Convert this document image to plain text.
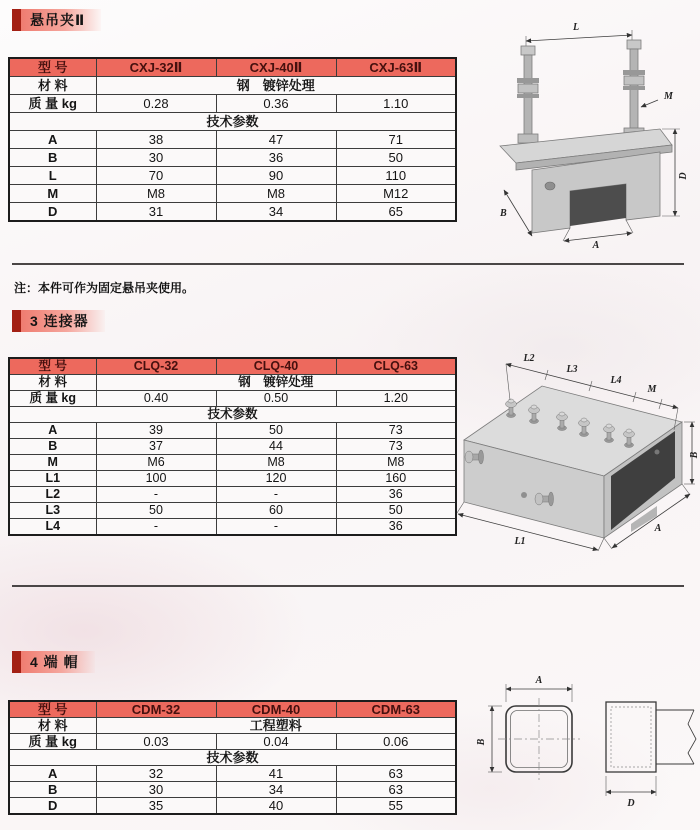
悬吊夹Ⅱ
型 号	CXJ-32Ⅱ	CXJ-40Ⅱ	CXJ-63Ⅱ
材 料	钢　镀锌处理		
质 量 kg	0.28	0.36	1.10
技术参数			
A	38	47	71
B	30	36	50
L	70	90	110
M	M8	M8	M12
D	31	34	65
注：本件可作为固定悬吊夹使用。
L
D
M
B
A
3 连接器
型 号	CLQ-32	CLQ-40	CLQ-63
材 料	钢　镀锌处理		
质 量 kg	0.40	0.50	1.20
技术参数			
A	39	50	73
B	37	44	73
M	M6	M8	M8
L1	100	120	160
L2	-	-	36
L3	50	60	50
L4	-	-	36
L2
L3
L4
M
B
L1
A
4 端 帽
型 号	CDM-32	CDM-40	CDM-63
材 料	工程塑料		
质 量 kg	0.03	0.04	0.06
技术参数			
A	32	41	63
B	30	34	63
D	35	40	55
A
B
D
